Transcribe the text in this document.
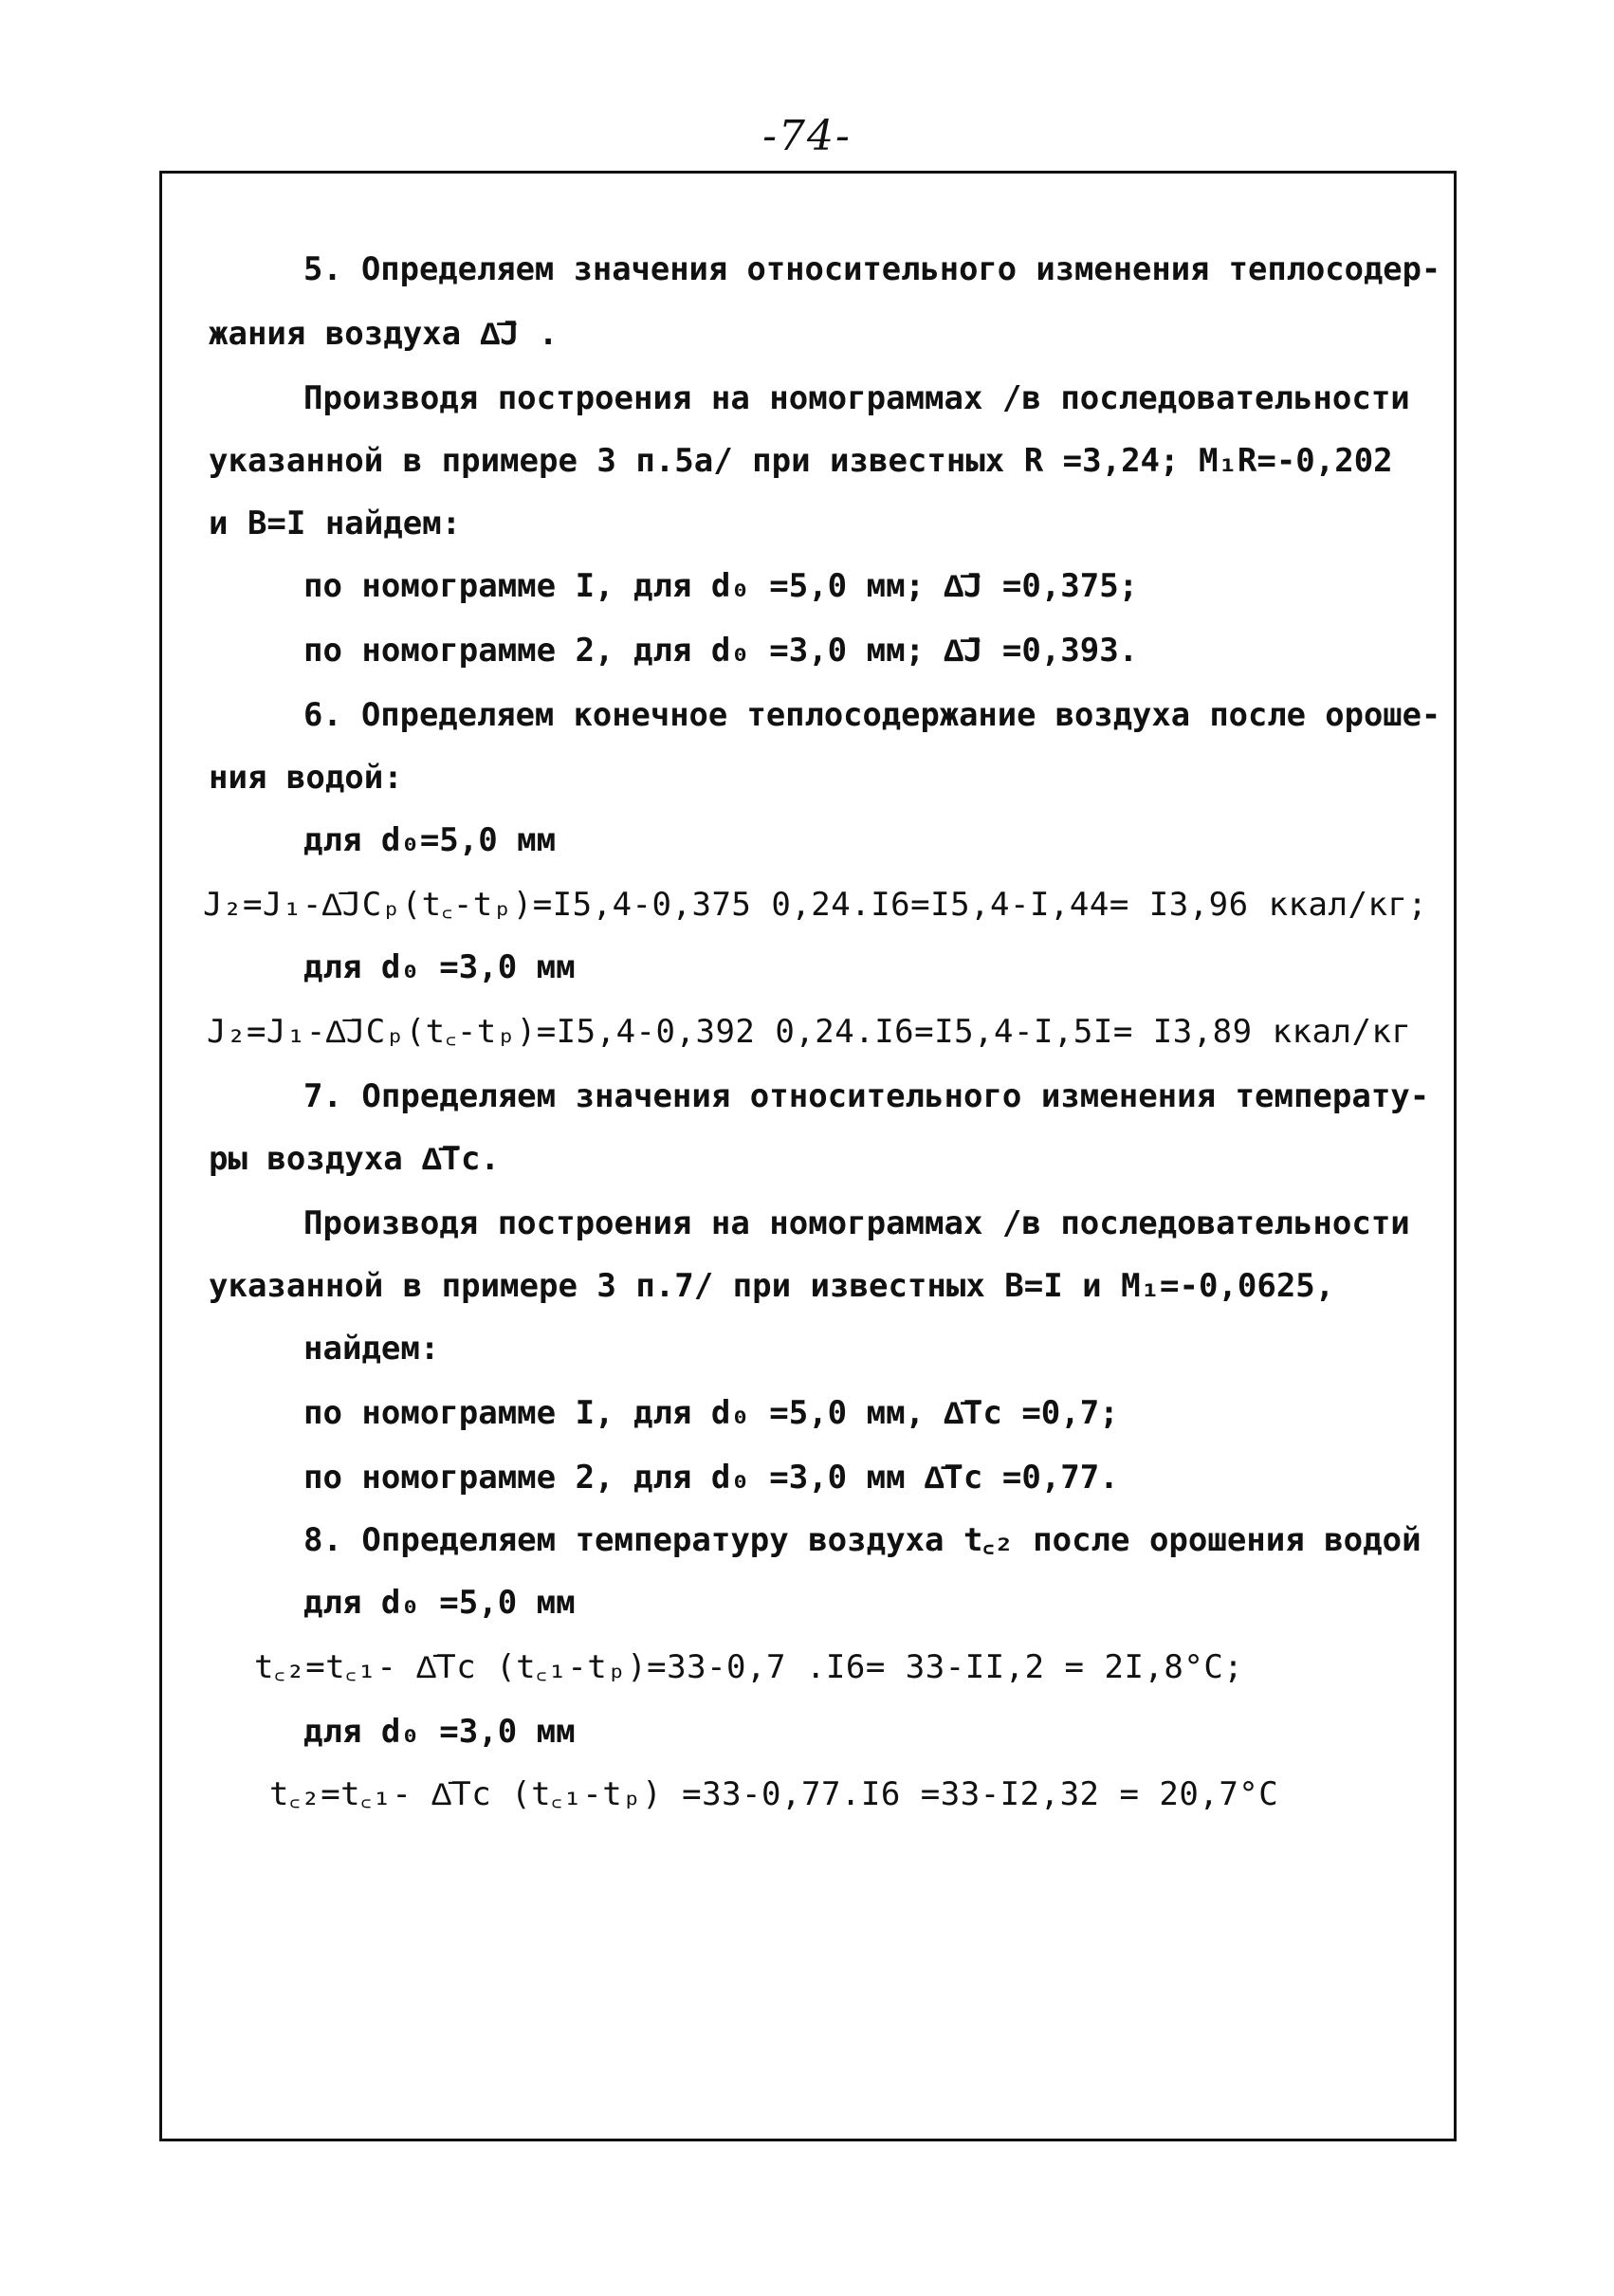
-74-
5. Определяем значения относительного изменения теплосодер-
жания воздуха Δ͞J .
Производя построения на номограммах /в последовательности
указанной в примере 3 п.5а/ при известных R =3,24; M₁R=-0,202
и B=I найдем:
по номограмме I, для d₀ =5,0 мм; Δ͞J =0,375;
по номограмме 2, для d₀ =3,0 мм; Δ͞J =0,393.
6. Определяем конечное теплосодержание воздуха после ороше-
ния водой:
для d₀=5,0 мм
J₂=J₁-Δ͞JCₚ(t꜀-tₚ)=I5,4-0,375 0,24.I6=I5,4-I,44= I3,96 ккал/кг;
для d₀ =3,0 мм
J₂=J₁-Δ͞JCₚ(t꜀-tₚ)=I5,4-0,392 0,24.I6=I5,4-I,5I= I3,89 ккал/кг
7. Определяем значения относительного изменения температу-
ры воздуха Δ͞Tc.
Производя построения на номограммах /в последовательности
указанной в примере 3 п.7/ при известных B=I и M₁=-0,0625,
найдем:
по номограмме I, для d₀ =5,0 мм, Δ͞Tc =0,7;
по номограмме 2, для d₀ =3,0 мм Δ͞Tc =0,77.
8. Определяем температуру воздуха t꜀₂ после орошения водой
для d₀ =5,0 мм
t꜀₂=t꜀₁- Δ͞Tc (t꜀₁-tₚ)=33-0,7 .I6= 33-II,2 = 2I,8°C;
для d₀ =3,0 мм
t꜀₂=t꜀₁- Δ͞Tc (t꜀₁-tₚ) =33-0,77.I6 =33-I2,32 = 20,7°C
